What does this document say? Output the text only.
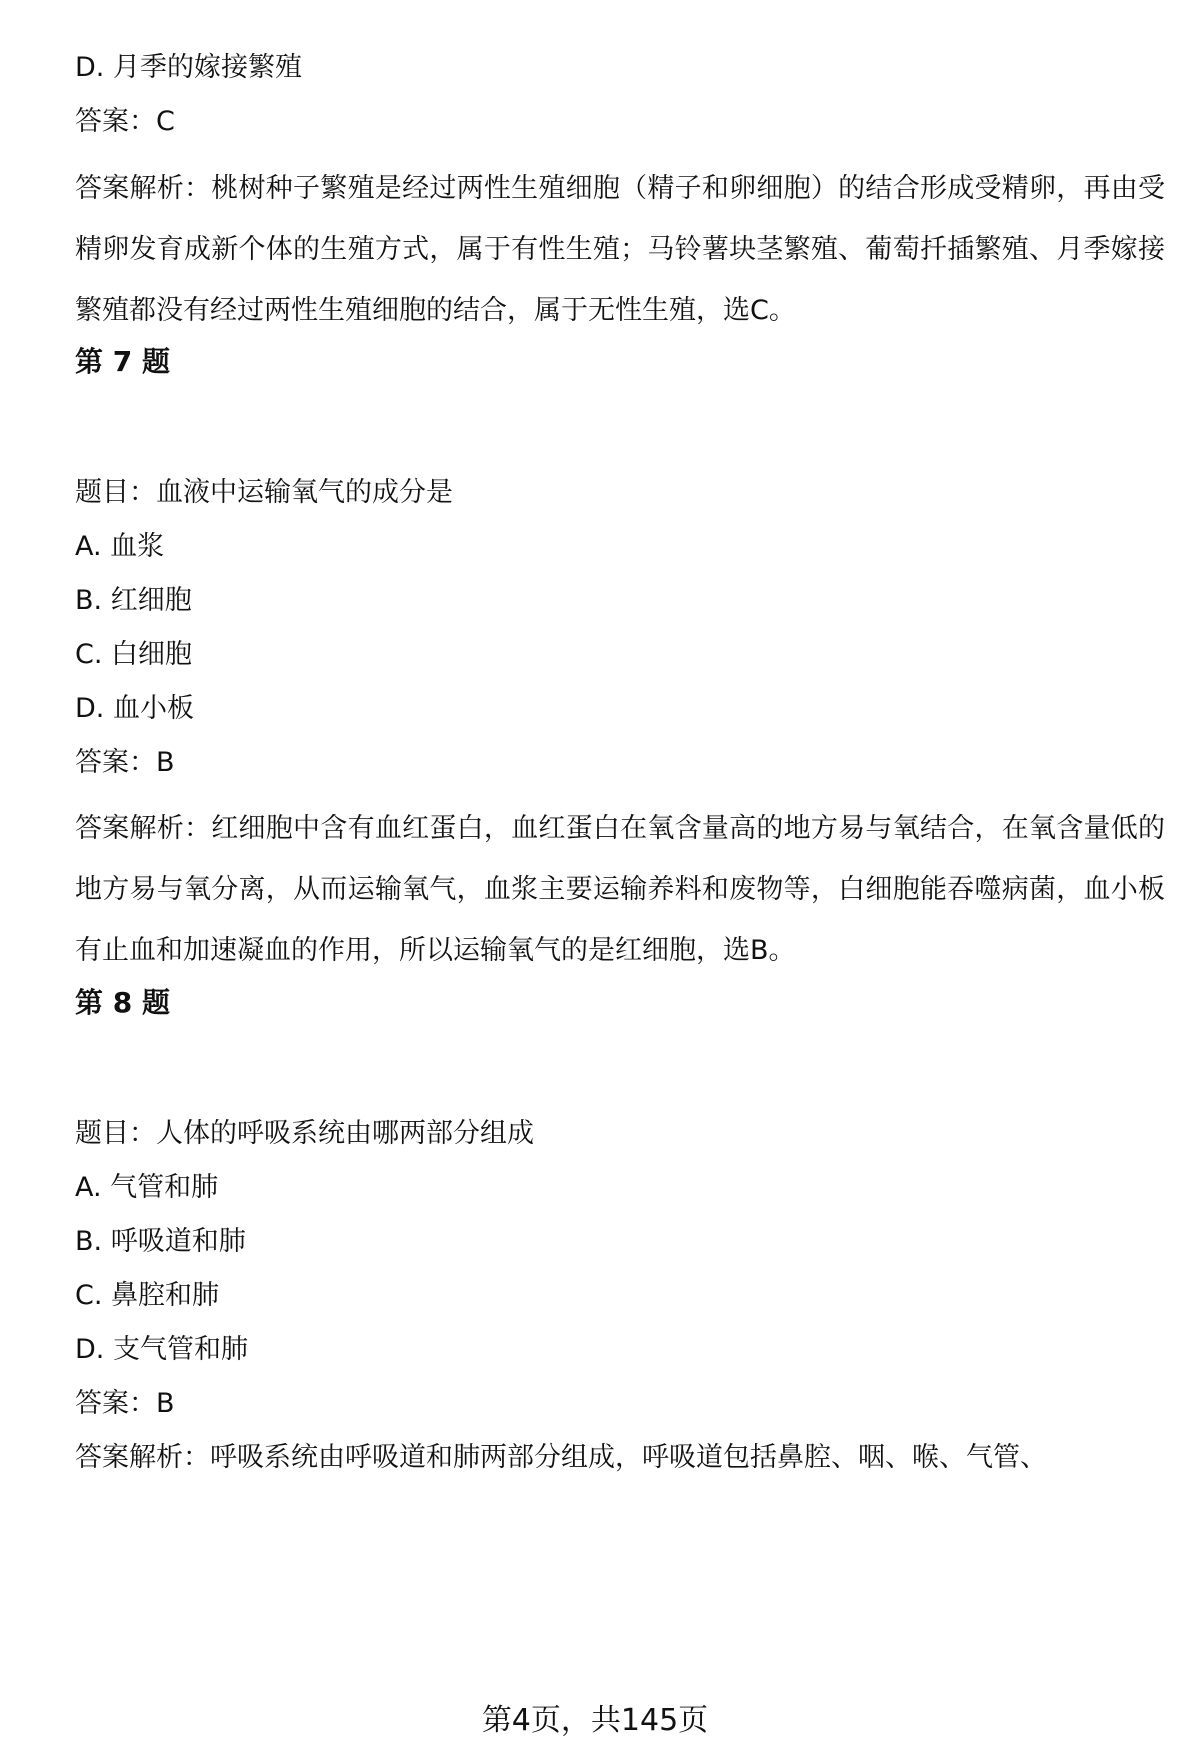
D. 月季的嫁接繁殖
答案：C
答案解析：桃树种子繁殖是经过两性生殖细胞（精子和卵细胞）的结合形成受精卵，再由受精卵发育成新个体的生殖方式，属于有性生殖；马铃薯块茎繁殖、葡萄扦插繁殖、月季嫁接繁殖都没有经过两性生殖细胞的结合，属于无性生殖，选C。
第 7 题
题目：血液中运输氧气的成分是
A. 血浆
B. 红细胞
C. 白细胞
D. 血小板
答案：B
答案解析：红细胞中含有血红蛋白，血红蛋白在氧含量高的地方易与氧结合，在氧含量低的地方易与氧分离，从而运输氧气，血浆主要运输养料和废物等，白细胞能吞噬病菌，血小板有止血和加速凝血的作用，所以运输氧气的是红细胞，选B。
第 8 题
题目：人体的呼吸系统由哪两部分组成
A. 气管和肺
B. 呼吸道和肺
C. 鼻腔和肺
D. 支气管和肺
答案：B
答案解析：呼吸系统由呼吸道和肺两部分组成，呼吸道包括鼻腔、咽、喉、气管、
第4页，共145页
